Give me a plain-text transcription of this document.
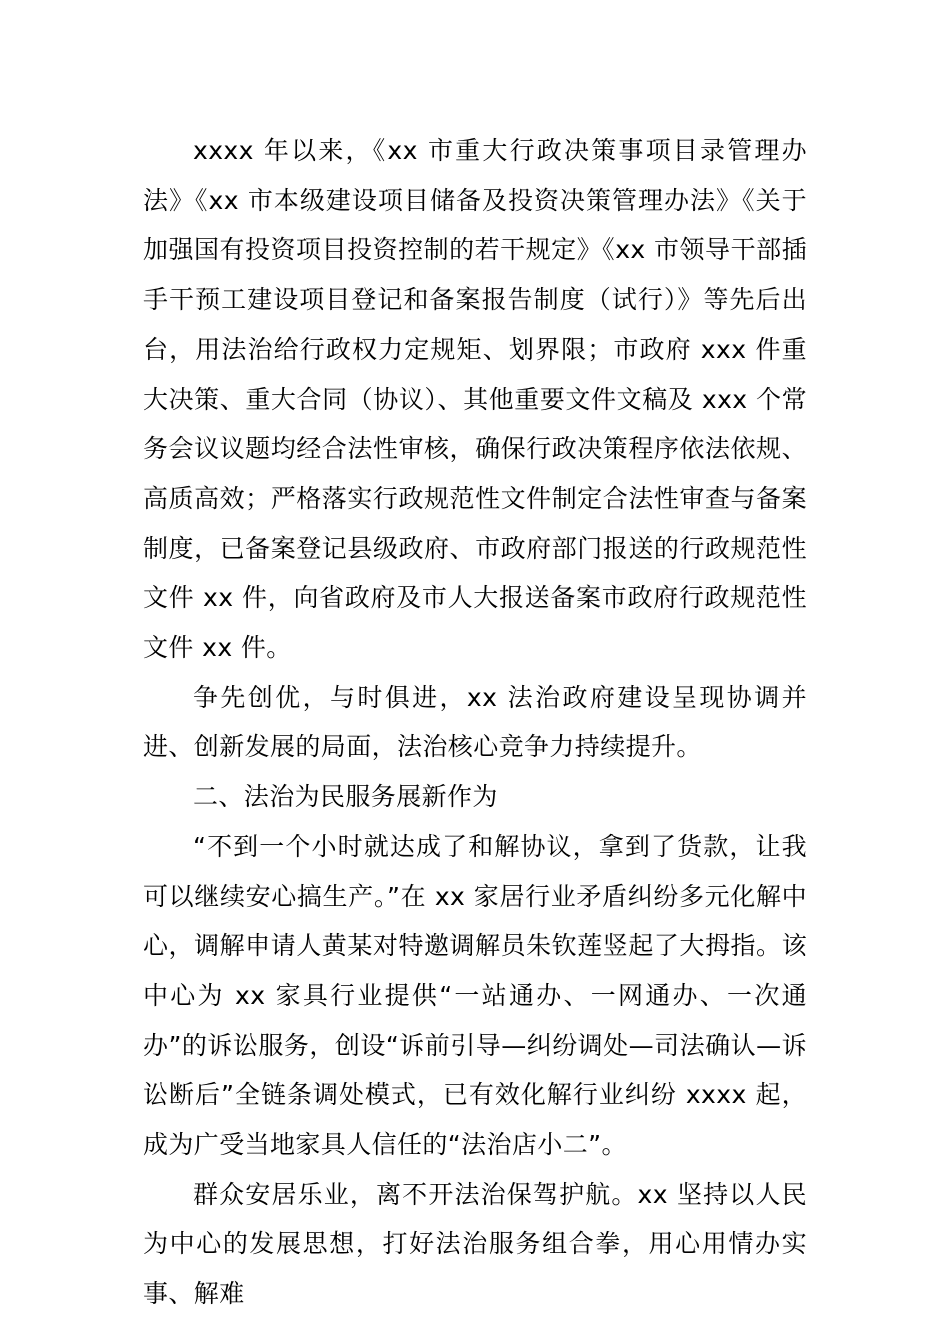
xxxx 年以来，《xx 市重大行政决策事项目录管理办法》《xx 市本级建设项目储备及投资决策管理办法》《关于加强国有投资项目投资控制的若干规定》《xx 市领导干部插手干预工建设项目登记和备案报告制度（试行）》等先后出台，用法治给行政权力定规矩、划界限；市政府 xxx 件重大决策、重大合同（协议）、其他重要文件文稿及 xxx 个常务会议议题均经合法性审核，确保行政决策程序依法依规、高质高效；严格落实行政规范性文件制定合法性审查与备案制度，已备案登记县级政府、市政府部门报送的行政规范性文件 xx 件，向省政府及市人大报送备案市政府行政规范性文件 xx 件。

争先创优，与时俱进，xx 法治政府建设呈现协调并进、创新发展的局面，法治核心竞争力持续提升。

二、法治为民服务展新作为

“不到一个小时就达成了和解协议，拿到了货款，让我可以继续安心搞生产。”在 xx 家居行业矛盾纠纷多元化解中心，调解申请人黄某对特邀调解员朱钦莲竖起了大拇指。该中心为 xx 家具行业提供“一站通办、一网通办、一次通办”的诉讼服务，创设“诉前引导—纠纷调处—司法确认—诉讼断后”全链条调处模式，已有效化解行业纠纷 xxxx 起，成为广受当地家具人信任的“法治店小二”。

群众安居乐业，离不开法治保驾护航。xx 坚持以人民为中心的发展思想，打好法治服务组合拳，用心用情办实事、解难
